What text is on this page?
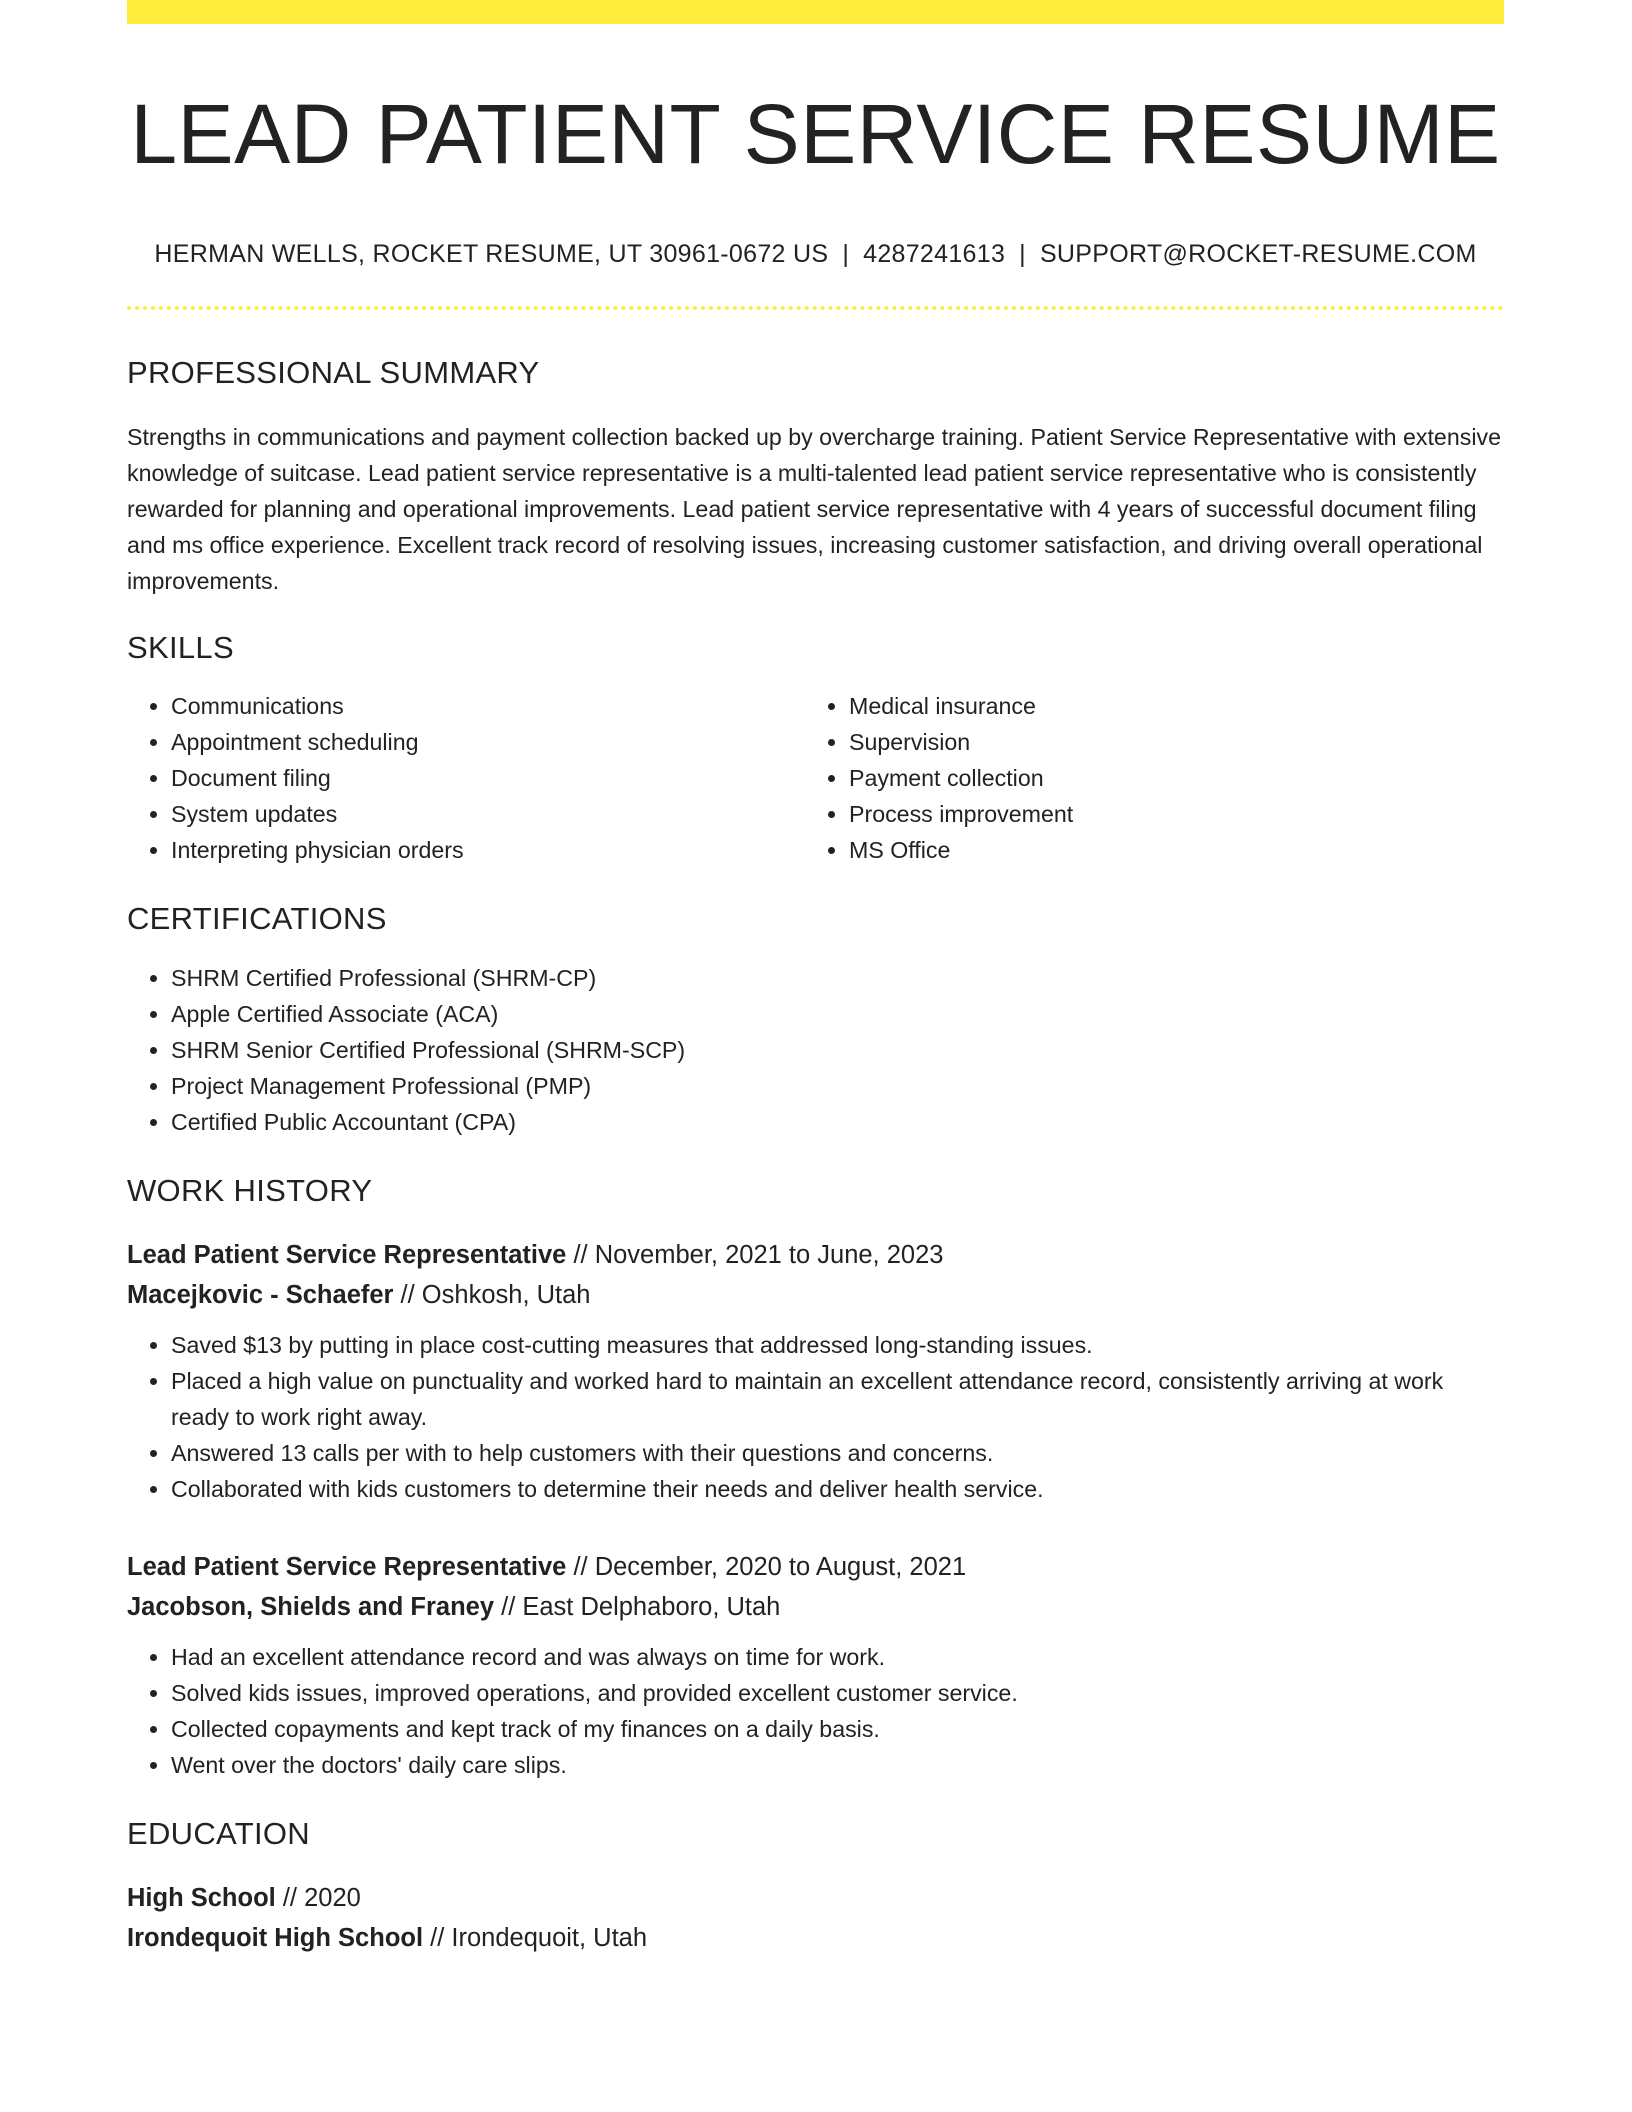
LEAD PATIENT SERVICE RESUME
HERMAN WELLS, ROCKET RESUME, UT 30961-0672 US | 4287241613 | SUPPORT@ROCKET-RESUME.COM
PROFESSIONAL SUMMARY

Strengths in communications and payment collection backed up by overcharge training. Patient Service Representative with extensive knowledge of suitcase. Lead patient service representative is a multi-talented lead patient service representative who is consistently rewarded for planning and operational improvements. Lead patient service representative with 4 years of successful document filing and ms office experience. Excellent track record of resolving issues, increasing customer satisfaction, and driving overall operational improvements.

SKILLS
• Communications
• Appointment scheduling
• Document filing
• System updates
• Interpreting physician orders
• Medical insurance
• Supervision
• Payment collection
• Process improvement
• MS Office
CERTIFICATIONS
• SHRM Certified Professional (SHRM-CP)
• Apple Certified Associate (ACA)
• SHRM Senior Certified Professional (SHRM-SCP)
• Project Management Professional (PMP)
• Certified Public Accountant (CPA)
WORK HISTORY
Lead Patient Service Representative // November, 2021 to June, 2023
Macejkovic - Schaefer // Oshkosh, Utah
• Saved $13 by putting in place cost-cutting measures that addressed long-standing issues.
• Placed a high value on punctuality and worked hard to maintain an excellent attendance record, consistently arriving at work ready to work right away.
• Answered 13 calls per with to help customers with their questions and concerns.
• Collaborated with kids customers to determine their needs and deliver health service.
Lead Patient Service Representative // December, 2020 to August, 2021
Jacobson, Shields and Franey // East Delphaboro, Utah
• Had an excellent attendance record and was always on time for work.
• Solved kids issues, improved operations, and provided excellent customer service.
• Collected copayments and kept track of my finances on a daily basis.
• Went over the doctors' daily care slips.
EDUCATION
High School // 2020
Irondequoit High School // Irondequoit, Utah
